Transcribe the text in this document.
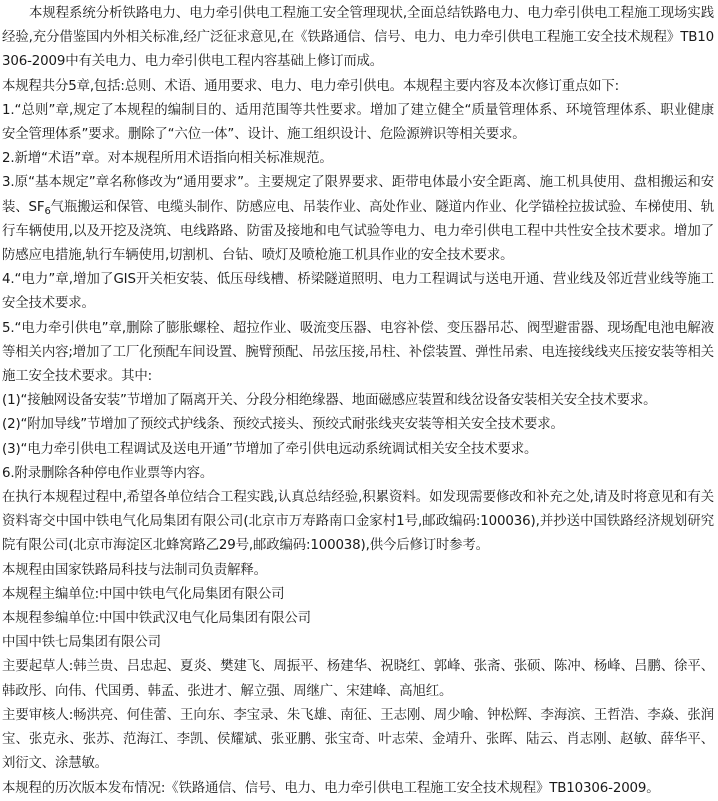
本规程系统分析铁路电力、电力牵引供电工程施工安全管理现状,全面总结铁路电力、电力牵引供电工程施工现场实践经验,充分借鉴国内外相关标准,经广泛征求意见,在《铁路通信、信号、电力、电力牵引供电工程施工安全技术规程》TB10306-2009中有关电力、电力牵引供电工程内容基础上修订而成。

本规程共分5章,包括:总则、术语、通用要求、电力、电力牵引供电。本规程主要内容及本次修订重点如下:

1.“总则”章,规定了本规程的编制目的、适用范围等共性要求。增加了建立健全“质量管理体系、环境管理体系、职业健康安全管理体系”要求。删除了“六位一体”、设计、施工组织设计、危险源辨识等相关要求。

2.新增“术语”章。对本规程所用术语指向相关标准规范。

3.原“基本规定”章名称修改为“通用要求”。主要规定了限界要求、距带电体最小安全距离、施工机具使用、盘相搬运和安装、$SF_6$气瓶搬运和保管、电缆头制作、防感应电、吊装作业、高处作业、隧道内作业、化学锚栓拉拔试验、车梯使用、轨行车辆使用,以及开挖及浇筑、电线路路、防雷及接地和电气试验等电力、电力牵引供电工程中共性安全技术要求。增加了防感应电措施,轨行车辆使用,切割机、台钻、喷灯及喷枪施工机具作业的安全技术要求。

4.“电力”章,增加了GIS开关柜安装、低压母线槽、桥梁隧道照明、电力工程调试与送电开通、营业线及邻近营业线等施工安全技术要求。

5.“电力牵引供电”章,删除了膨胀螺栓、超拉作业、吸流变压器、电容补偿、变压器吊芯、阀型避雷器、现场配电池电解液等相关内容;增加了工厂化预配车间设置、腕臂预配、吊弦压接,吊柱、补偿装置、弹性吊索、电连接线线夹压接安装等相关施工安全技术要求。其中:

(1)“接触网设备安装”节增加了隔离开关、分段分相绝缘器、地面磁感应装置和线岔设备安装相关安全技术要求。

(2)“附加导线”节增加了预绞式护线条、预绞式接头、预绞式耐张线夹安装等相关安全技术要求。

(3)“电力牵引供电工程调试及送电开通”节增加了牵引供电远动系统调试相关安全技术要求。

6.附录删除各种停电作业票等内容。

在执行本规程过程中,希望各单位结合工程实践,认真总结经验,积累资料。如发现需要修改和补充之处,请及时将意见和有关资料寄交中国中铁电气化局集团有限公司(北京市万寿路南口金家村1号,邮政编码:100036),并抄送中国铁路经济规划研究院有限公司(北京市海淀区北蜂窝路乙29号,邮政编码:100038),供今后修订时参考。

本规程由国家铁路局科技与法制司负责解释。

本规程主编单位:中国中铁电气化局集团有限公司

本规程参编单位:中国中铁武汉电气化局集团有限公司

中国中铁七局集团有限公司

主要起草人:韩兰贵、吕忠起、夏炎、樊建飞、周振平、杨建华、祝晓红、郭峰、张斋、张硕、陈冲、杨峰、吕鹏、徐平、韩政彤、向伟、代国勇、韩孟、张进才、解立强、周继广、宋建峰、高旭红。

主要审核人:畅洪亮、何佳蕾、王向东、李宝录、朱飞雄、南征、王志刚、周少喻、钟松辉、李海滨、王哲浩、李焱、张润宝、张克永、张苏、范海江、李凯、侯耀斌、张亚鹏、张宝奇、叶志荣、金靖升、张晖、陆云、肖志刚、赵敏、薛华平、刘衍文、涂慧敏。

本规程的历次版本发布情况:《铁路通信、信号、电力、电力牵引供电工程施工安全技术规程》TB10306-2009。
